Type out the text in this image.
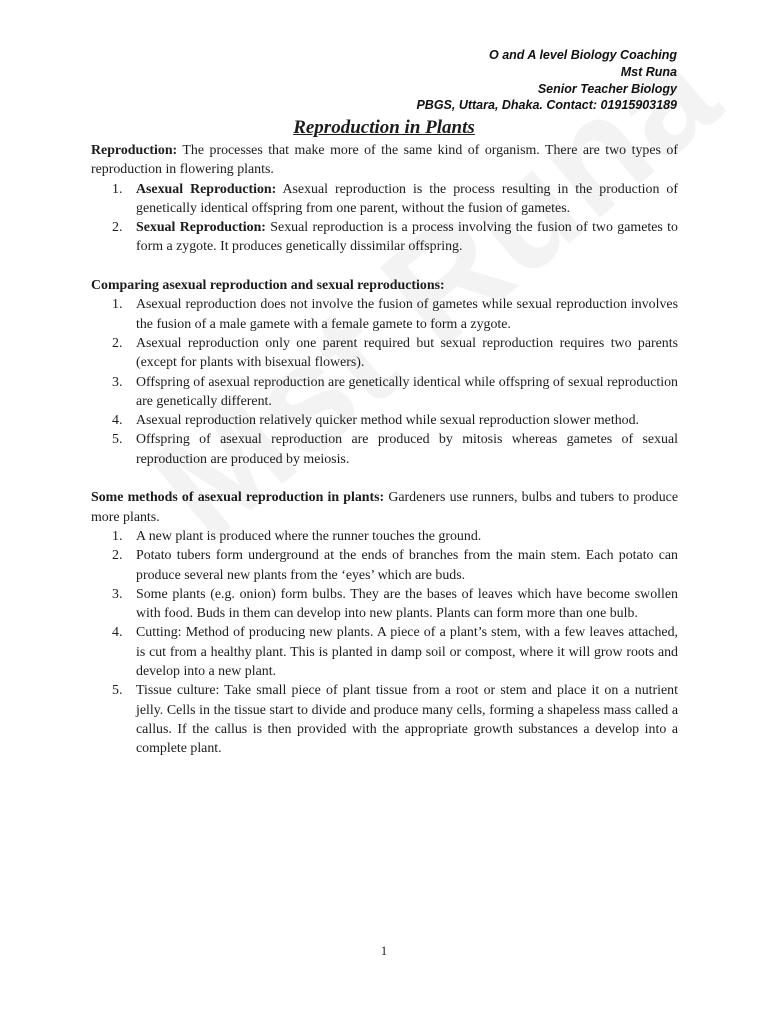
O and A level Biology Coaching
Mst Runa
Senior Teacher Biology
PBGS, Uttara, Dhaka. Contact: 01915903189
Reproduction in Plants

Reproduction: The processes that make more of the same kind of organism. There are two types of reproduction in flowering plants.

1. Asexual Reproduction: Asexual reproduction is the process resulting in the production of genetically identical offspring from one parent, without the fusion of gametes.
2. Sexual Reproduction: Sexual reproduction is a process involving the fusion of two gametes to form a zygote. It produces genetically dissimilar offspring.

Comparing asexual reproduction and sexual reproductions:

1. Asexual reproduction does not involve the fusion of gametes while sexual reproduction involves the fusion of a male gamete with a female gamete to form a zygote.
2. Asexual reproduction only one parent required but sexual reproduction requires two parents (except for plants with bisexual flowers).
3. Offspring of asexual reproduction are genetically identical while offspring of sexual reproduction are genetically different.
4. Asexual reproduction relatively quicker method while sexual reproduction slower method.
5. Offspring of asexual reproduction are produced by mitosis whereas gametes of sexual reproduction are produced by meiosis.

Some methods of asexual reproduction in plants: Gardeners use runners, bulbs and tubers to produce more plants.

1. A new plant is produced where the runner touches the ground.
2. Potato tubers form underground at the ends of branches from the main stem. Each potato can produce several new plants from the ‘eyes’ which are buds.
3. Some plants (e.g. onion) form bulbs. They are the bases of leaves which have become swollen with food. Buds in them can develop into new plants. Plants can form more than one bulb.
4. Cutting: Method of producing new plants. A piece of a plant’s stem, with a few leaves attached, is cut from a healthy plant. This is planted in damp soil or compost, where it will grow roots and develop into a new plant.
5. Tissue culture: Take small piece of plant tissue from a root or stem and place it on a nutrient jelly. Cells in the tissue start to divide and produce many cells, forming a shapeless mass called a callus. If the callus is then provided with the appropriate growth substances a develop into a complete plant.
1
